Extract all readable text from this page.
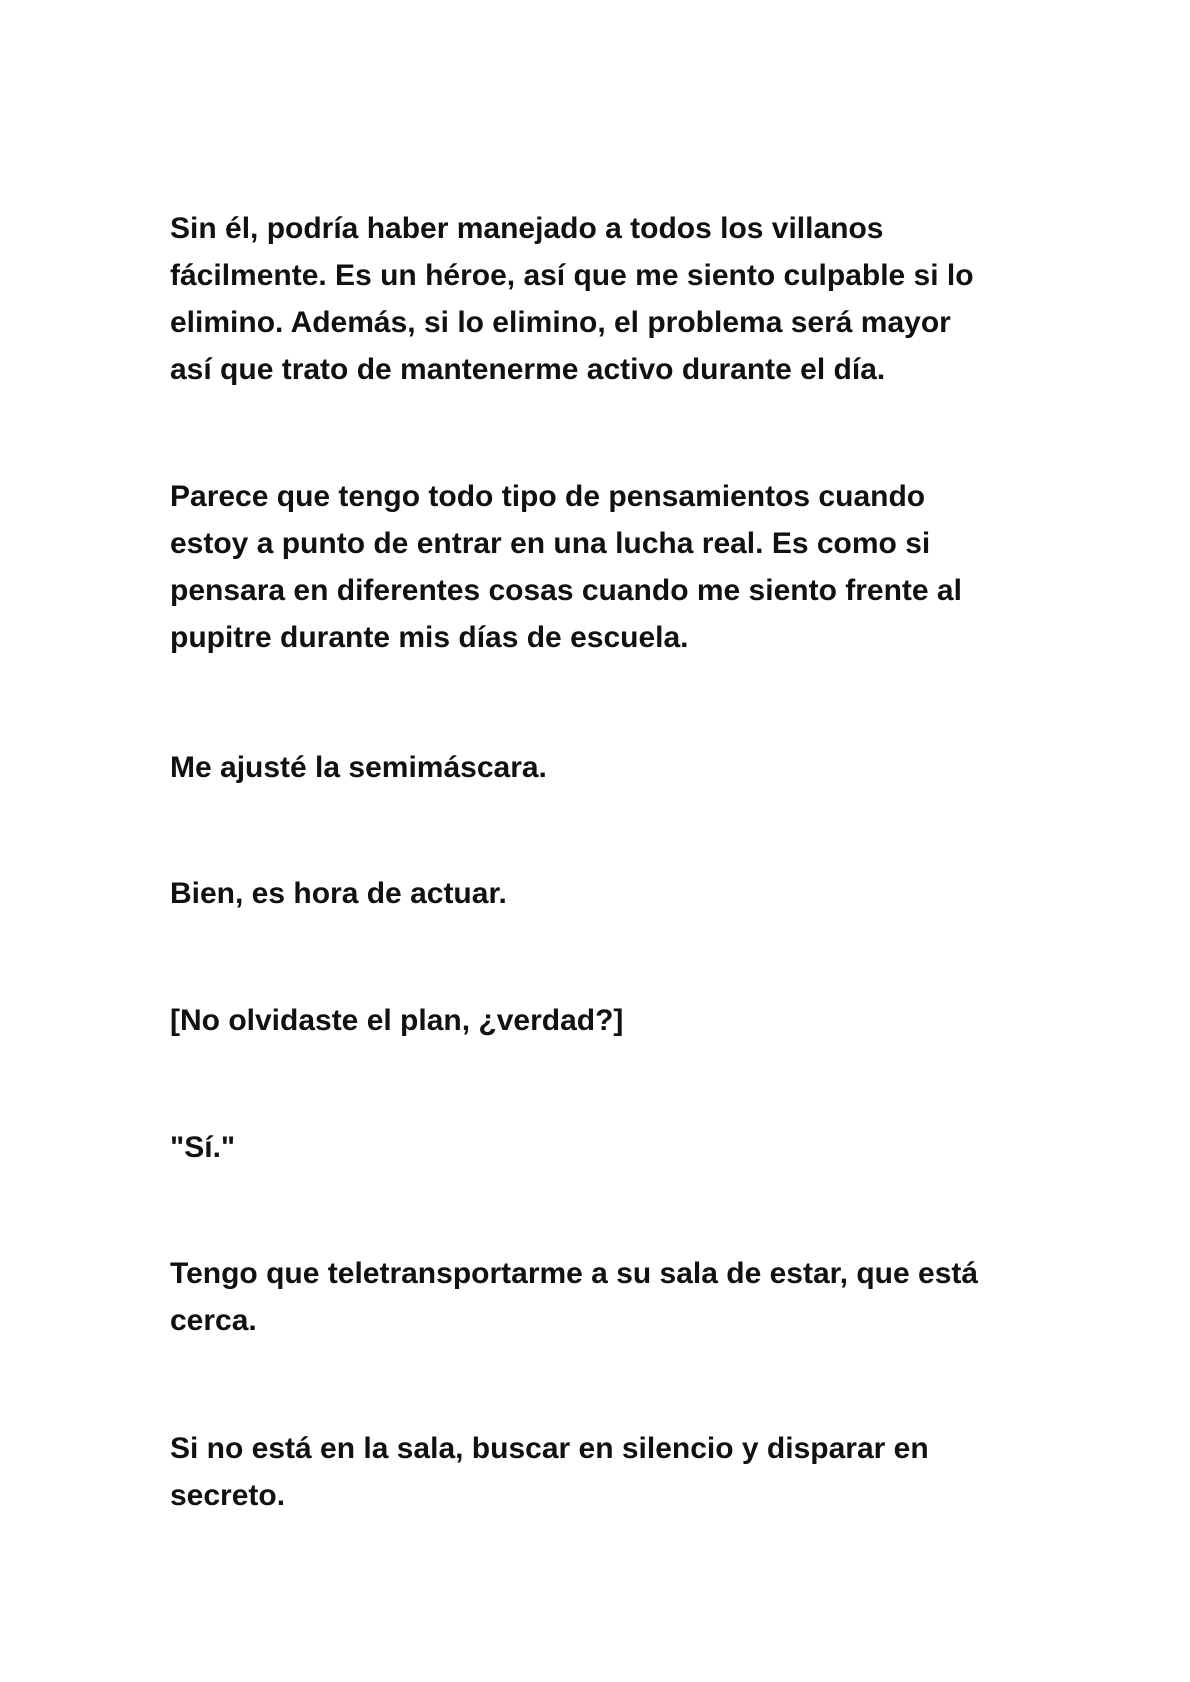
Sin él, podría haber manejado a todos los villanos
fácilmente. Es un héroe, así que me siento culpable si lo
elimino. Además, si lo elimino, el problema será mayor
así que trato de mantenerme activo durante el día.

Parece que tengo todo tipo de pensamientos cuando
estoy a punto de entrar en una lucha real. Es como si
pensara en diferentes cosas cuando me siento frente al
pupitre durante mis días de escuela.

Me ajusté la semimáscara.

Bien, es hora de actuar.

[No olvidaste el plan, ¿verdad?]

"Sí."

Tengo que teletransportarme a su sala de estar, que está
cerca.

Si no está en la sala, buscar en silencio y disparar en
secreto.
